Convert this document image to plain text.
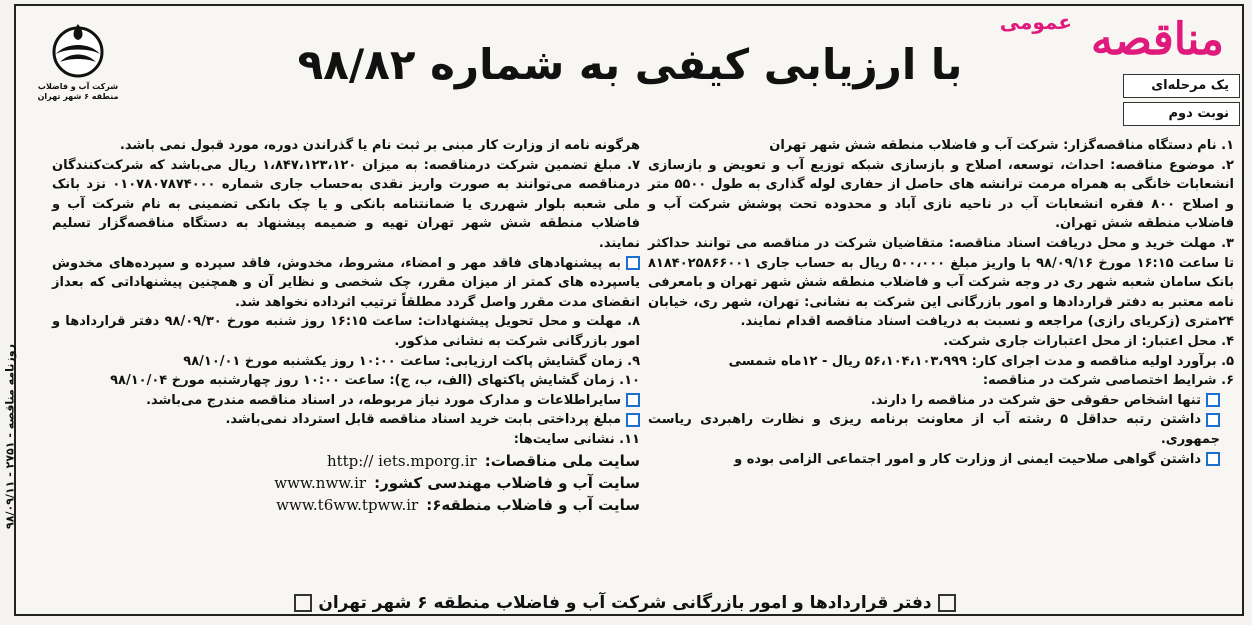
روزنامه مناقصه - ۲۷۵۱ - ۹۸/۰۹/۱۱
شرکت آب و فاضلاب
منطقه ۶ شهر تهران
عمومی مناقصه
یک مرحله‌ای
نوبت دوم
با ارزیابی کیفی به شماره ۹۸/۸۲
۱. نام دستگاه مناقصه‌گزار: شرکت آب و فاضلاب منطقه شش شهر تهران
۲. موضوع مناقصه: احداث، توسعه، اصلاح و بازسازی شبکه توزیع آب و تعویض و بازسازی انشعابات خانگی به همراه مرمت ترانشه های حاصل از حفاری لوله گذاری به طول ۵۵۰۰ متر و اصلاح ۸۰۰ فقره انشعابات آب در ناحیه نازی آباد و محدوده تحت پوشش شرکت آب و فاضلاب منطقه شش تهران.
۳. مهلت خرید و محل دریافت اسناد مناقصه: متقاضیان شرکت در مناقصه می توانند حداکثر تا ساعت ۱۶:۱۵ مورخ ۹۸/۰۹/۱۶ با واریز مبلغ ۵۰۰،۰۰۰ ریال به حساب جاری ۸۱۸۴۰۲۵۸۶۶۰۰۱ بانک سامان شعبه شهر ری در وجه شرکت آب و فاضلاب منطقه شش شهر تهران و بامعرفی نامه معتبر به دفتر قراردادها و امور بازرگانی این شرکت به نشانی: تهران، شهر ری، خیابان ۲۴متری (زکریای رازی) مراجعه و نسبت به دریافت اسناد مناقصه اقدام نمایند.
۴. محل اعتبار: از محل اعتبارات جاری شرکت.
۵. برآورد اولیه مناقصه و مدت اجرای کار: ۵۶،۱۰۴،۱۰۳،۹۹۹ ریال - ۱۲ماه شمسی
۶. شرایط اختصاصی شرکت در مناقصه:
تنها اشخاص حقوقی حق شرکت در مناقصه را دارند.
داشتن رتبه حداقل ۵ رشته آب از معاونت برنامه ریزی و نظارت راهبردی ریاست جمهوری.
داشتن گواهی صلاحیت ایمنی از وزارت کار و امور اجتماعی الزامی بوده و
هرگونه نامه از وزارت کار مبنی بر ثبت نام یا گذراندن دوره، مورد قبول نمی باشد.
۷. مبلغ تضمین شرکت درمناقصه: به میزان ۱،۸۴۷،۱۲۳،۱۲۰ ریال می‌باشد که شرکت‌کنندگان درمناقصه می‌توانند به صورت واریز نقدی به‌حساب جاری شماره ۰۱۰۷۸۰۷۸۷۴۰۰۰ نزد بانک ملی شعبه بلوار شهرری یا ضمانتنامه بانکی و یا چک بانکی تضمینی به نام شرکت آب و فاضلاب منطقه شش شهر تهران تهیه و ضمیمه پیشنهاد به دستگاه مناقصه‌گزار تسلیم نمایند.
به پیشنهادهای فاقد مهر و امضاء، مشروط، مخدوش، فاقد سپرده و سپرده‌های مخدوش یاسپرده های کمتر از میزان مقرر، چک شخصی و نظایر آن و همچنین پیشنهاداتی که بعداز انقضای مدت مقرر واصل گردد مطلقاً ترتیب اثرداده نخواهد شد.
۸. مهلت و محل تحویل پیشنهادات: ساعت ۱۶:۱۵ روز شنبه مورخ ۹۸/۰۹/۳۰ دفتر قراردادها و امور بازرگانی شرکت به نشانی مذکور.
۹. زمان گشایش پاکت ارزیابی: ساعت ۱۰:۰۰ روز یکشنبه مورخ ۹۸/۱۰/۰۱
۱۰. زمان گشایش پاکتهای (الف، ب، ج): ساعت ۱۰:۰۰ روز چهارشنبه مورخ ۹۸/۱۰/۰۴
سایراطلاعات و مدارک مورد نیاز مربوطه، در اسناد مناقصه مندرج می‌باشد.
مبلغ پرداختی بابت خرید اسناد مناقصه قابل استرداد نمی‌باشد.
۱۱. نشانی سایت‌ها:
سایت ملی مناقصات:http:// iets.mporg.ir
سایت آب و فاضلاب مهندسی کشور:www.nww.ir
سایت آب و فاضلاب منطقه۶:www.t6ww.tpww.ir
دفتر قراردادها و امور بازرگانی شرکت آب و فاضلاب منطقه ۶ شهر تهران
